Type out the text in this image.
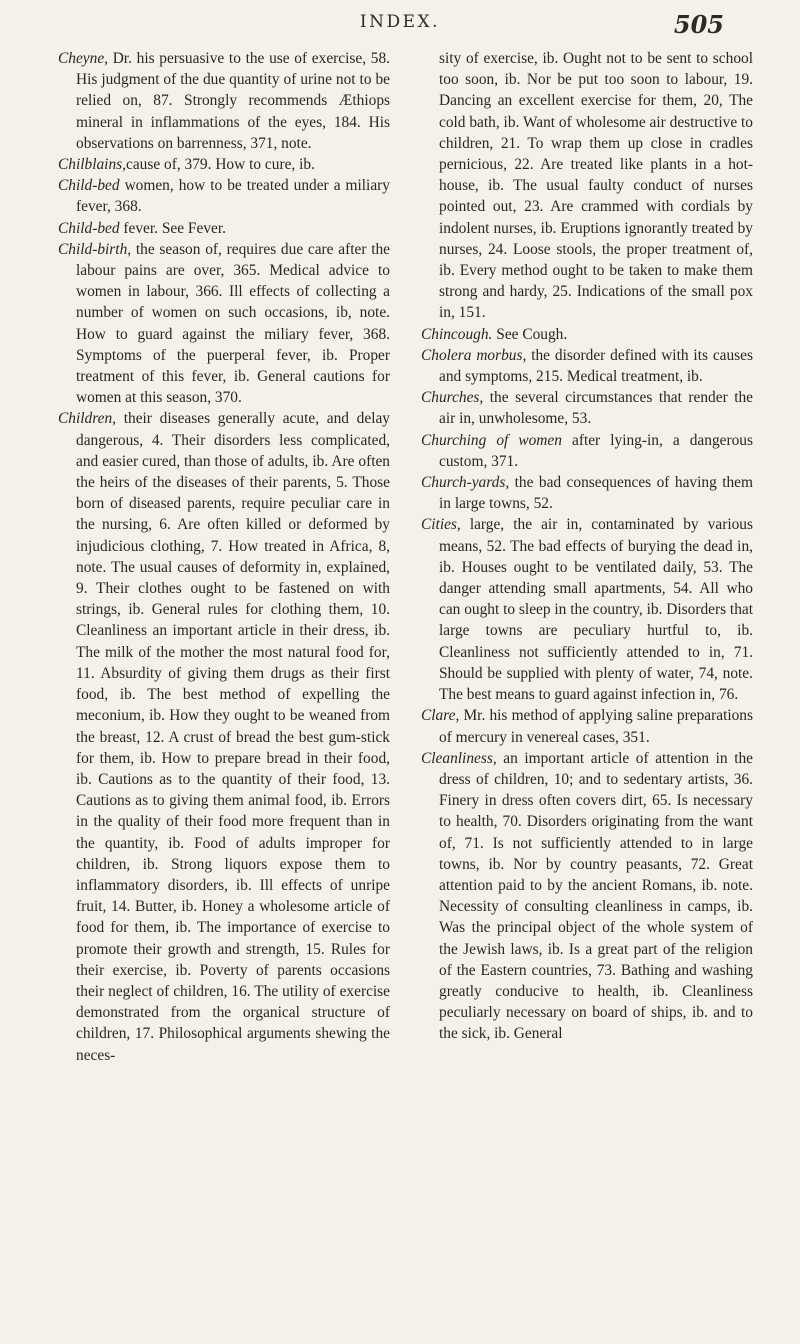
INDEX.	505

Cheyne, Dr. his persuasive to the use of exercise, 58. His judgment of the due quantity of urine not to be relied on, 87. Strongly recommends Æthiops mineral in inflammations of the eyes, 184. His observations on barrenness, 371, note.

Chilblains,cause of, 379. How to cure, ib.

Child-bed women, how to be treated under a miliary fever, 368.

Child-bed fever. See Fever.

Child-birth, the season of, requires due care after the labour pains are over, 365. Medical advice to women in labour, 366. Ill effects of collecting a number of women on such occasions, ib, note. How to guard against the miliary fever, 368. Symptoms of the puerperal fever, ib. Proper treatment of this fever, ib. General cautions for women at this season, 370.

Children, their diseases generally acute, and delay dangerous, 4. Their disorders less complicated, and easier cured, than those of adults, ib. Are often the heirs of the diseases of their parents, 5. Those born of diseased parents, require peculiar care in the nursing, 6. Are often killed or deformed by injudicious clothing, 7. How treated in Africa, 8, note. The usual causes of deformity in, explained, 9. Their clothes ought to be fastened on with strings, ib. General rules for clothing them, 10. Cleanliness an important article in their dress, ib. The milk of the mother the most natural food for, 11. Absurdity of giving them drugs as their first food, ib. The best method of expelling the meconium, ib. How they ought to be weaned from the breast, 12. A crust of bread the best gum-stick for them, ib. How to prepare bread in their food, ib. Cautions as to the quantity of their food, 13. Cautions as to giving them animal food, ib. Errors in the quality of their food more frequent than in the quantity, ib. Food of adults improper for children, ib. Strong liquors expose them to inflammatory disorders, ib. Ill effects of unripe fruit, 14. Butter, ib. Honey a wholesome article of food for them, ib. The importance of exercise to promote their growth and strength, 15. Rules for their exercise, ib. Poverty of parents occasions their neglect of children, 16. The utility of exercise demonstrated from the organical structure of children, 17. Philosophical arguments shewing the neces-

sity of exercise, ib. Ought not to be sent to school too soon, ib. Nor be put too soon to labour, 19. Dancing an excellent exercise for them, 20, The cold bath, ib. Want of wholesome air destructive to children, 21. To wrap them up close in cradles pernicious, 22. Are treated like plants in a hot-house, ib. The usual faulty conduct of nurses pointed out, 23. Are crammed with cordials by indolent nurses, ib. Eruptions ignorantly treated by nurses, 24. Loose stools, the proper treatment of, ib. Every method ought to be taken to make them strong and hardy, 25. Indications of the small pox in, 151.

Chincough. See Cough.

Cholera morbus, the disorder defined with its causes and symptoms, 215. Medical treatment, ib.

Churches, the several circumstances that render the air in, unwholesome, 53.

Churching of women after lying-in, a dangerous custom, 371.

Church-yards, the bad consequences of having them in large towns, 52.

Cities, large, the air in, contaminated by various means, 52. The bad effects of burying the dead in, ib. Houses ought to be ventilated daily, 53. The danger attending small apartments, 54. All who can ought to sleep in the country, ib. Disorders that large towns are peculiary hurtful to, ib. Cleanliness not sufficiently attended to in, 71. Should be supplied with plenty of water, 74, note. The best means to guard against infection in, 76.

Clare, Mr. his method of applying saline preparations of mercury in venereal cases, 351.

Cleanliness, an important article of attention in the dress of children, 10; and to sedentary artists, 36. Finery in dress often covers dirt, 65. Is necessary to health, 70. Disorders originating from the want of, 71. Is not sufficiently attended to in large towns, ib. Nor by country peasants, 72. Great attention paid to by the ancient Romans, ib. note. Necessity of consulting cleanliness in camps, ib. Was the principal object of the whole system of the Jewish laws, ib. Is a great part of the religion of the Eastern countries, 73. Bathing and washing greatly conducive to health, ib. Cleanliness peculiarly necessary on board of ships, ib. and to the sick, ib. General
